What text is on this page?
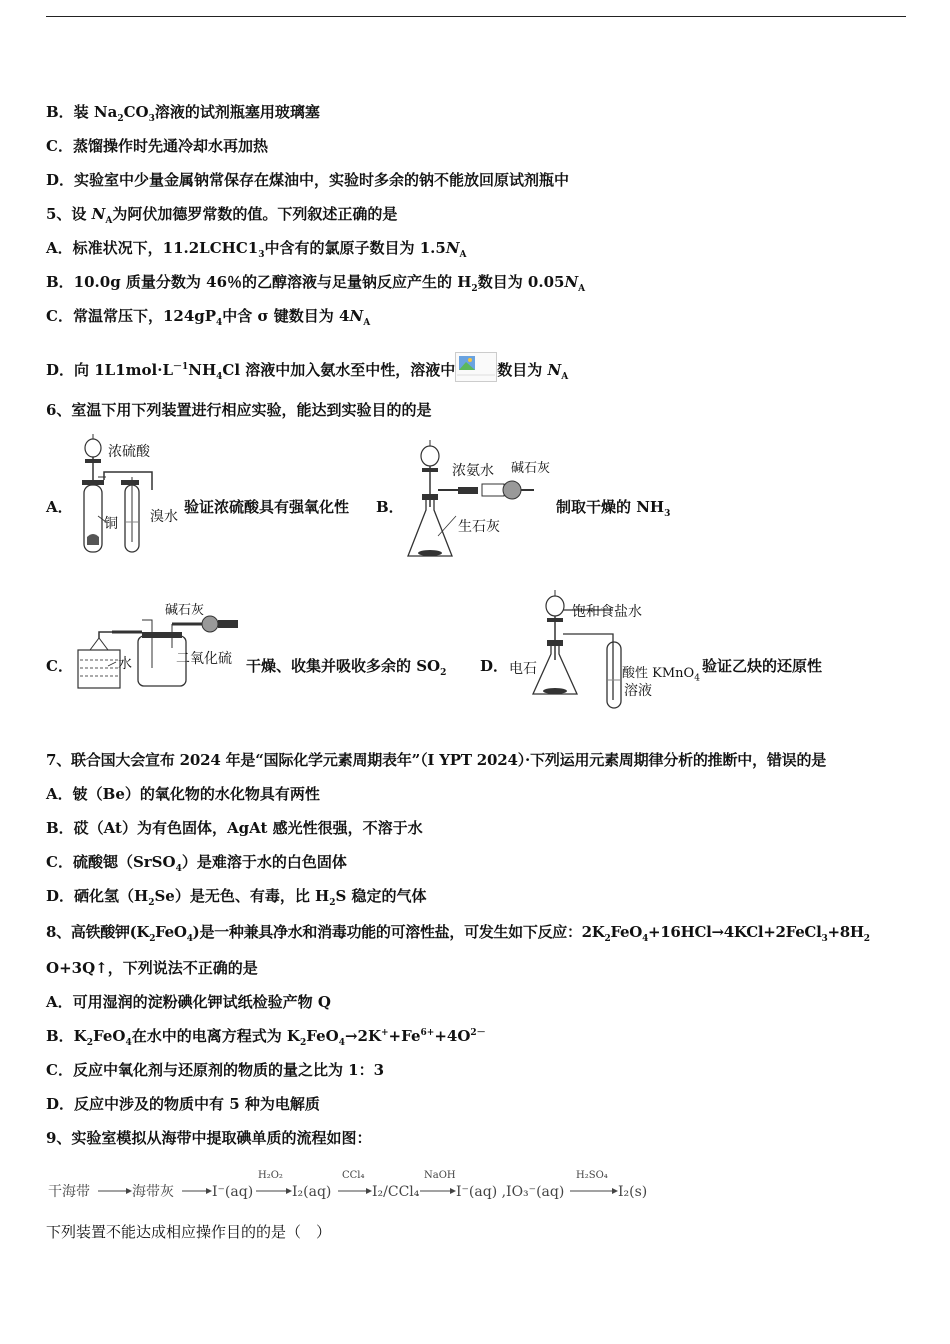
B．装 $Na_2CO_3$溶液的试剂瓶塞用玻璃塞
C．蒸馏操作时先通冷却水再加热
D．实验室中少量金属钠常保存在煤油中，实验时多余的钠不能放回原试剂瓶中
5、设 $N_A$为阿伏加德罗常数的值。下列叙述正确的是
A．标准状况下，$11.2LCHC1_3$中含有的氯原子数目为 $1.5N_A$
B．10.0g 质量分数为 46％的乙醇溶液与足量钠反应产生的 $H_2$数目为 $0.05N_A$
C．常温常压下，$124gP_4$中含 σ 键数目为 $4N_A$
D．向 $1L1mol\cdot L^{-1}NH_4Cl$ 溶液中加入氨水至中性，溶液中	数目为 $N_A$
6、室温下用下列装置进行相应实验，能达到实验目的的是
A．
浓硫酸
铜 溴水
验证浓硫酸具有强氧化性 B．
浓氨水 碱石灰
生石灰
制取干燥的 $NH_3$
C．
碱石灰
水	二氧化硫 干燥、收集并吸收多余的 $SO_2$ D．
饱和食盐水
电石	酸性 KMnO$_4$
溶液
验证乙炔的还原性
7、联合国大会宣布 2024 年是“国际化学元素周期表年”（I YPT 2024）·下列运用元素周期律分析的推断中，错误的是
A．铍（Be）的氧化物的水化物具有两性
B．砹（At）为有色固体，AgAt 感光性很强，不溶于水
C．硫酸锶（SrSO$_4$）是难溶于水的白色固体
D．硒化氢$(H_2Se)$是无色、有毒，比 $H_2S$ 稳定的气体
8、高铁酸钾$(K_2FeO_4)$是一种兼具净水和消毒功能的可溶性盐，可发生如下反应：$2K_2FeO_4+16HCl\to 4KCl+2FeCl_3+8H_2$
O+3Q↑，下列说法不正确的是
A．可用湿润的淀粉碘化钾试纸检验产物 Q
B．$K_2FeO_4$在水中的电离方程式为 $K_2FeO_4\to 2K^++Fe^{6+}+4O^{2-}$
C．反应中氧化剂与还原剂的物质的量之比为 1：3
D．反应中涉及的物质中有 5 种为电解质
9、实验室模拟从海带中提取碘单质的流程如图：
干海带	海带灰	I⁻(aq)
H₂O₂
I₂(aq)
CCl₄
I₂/CCl₄
NaOH
I⁻(aq) ,IO₃⁻(aq)
H₂SO₄
I₂(s)
下列装置不能达成相应操作目的的是（　）
